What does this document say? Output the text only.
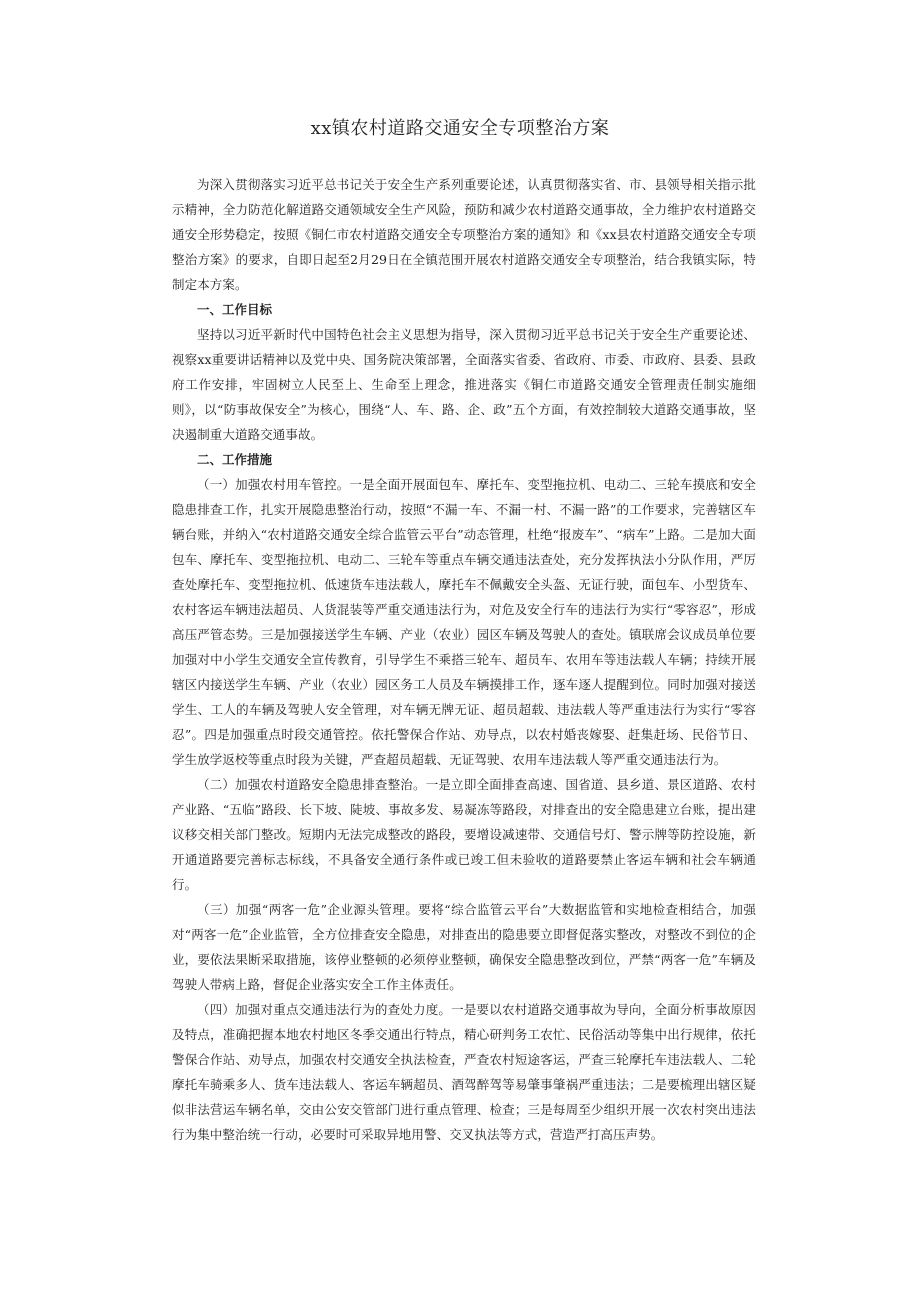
xx镇农村道路交通安全专项整治方案

为深入贯彻落实习近平总书记关于安全生产系列重要论述，认真贯彻落实省、市、县领导相关指示批示精神，全力防范化解道路交通领域安全生产风险，预防和减少农村道路交通事故，全力维护农村道路交通安全形势稳定，按照《铜仁市农村道路交通安全专项整治方案的通知》和《xx县农村道路交通安全专项整治方案》的要求，自即日起至2月29日在全镇范围开展农村道路交通安全专项整治，结合我镇实际，特制定本方案。

一、工作目标

坚持以习近平新时代中国特色社会主义思想为指导，深入贯彻习近平总书记关于安全生产重要论述、视察xx重要讲话精神以及党中央、国务院决策部署，全面落实省委、省政府、市委、市政府、县委、县政府工作安排，牢固树立人民至上、生命至上理念，推进落实《铜仁市道路交通安全管理责任制实施细则》，以“防事故保安全”为核心，围绕“人、车、路、企、政”五个方面，有效控制较大道路交通事故，坚决遏制重大道路交通事故。

二、工作措施

（一）加强农村用车管控。一是全面开展面包车、摩托车、变型拖拉机、电动二、三轮车摸底和安全隐患排查工作，扎实开展隐患整治行动，按照“不漏一车、不漏一村、不漏一路”的工作要求，完善辖区车辆台账，并纳入“农村道路交通安全综合监管云平台”动态管理，杜绝“报废车”、“病车”上路。二是加大面包车、摩托车、变型拖拉机、电动二、三轮车等重点车辆交通违法查处，充分发挥执法小分队作用，严厉查处摩托车、变型拖拉机、低速货车违法载人，摩托车不佩戴安全头盔、无证行驶，面包车、小型货车、农村客运车辆违法超员、人货混装等严重交通违法行为，对危及安全行车的违法行为实行“零容忍”，形成高压严管态势。三是加强接送学生车辆、产业（农业）园区车辆及驾驶人的查处。镇联席会议成员单位要加强对中小学生交通安全宣传教育，引导学生不乘搭三轮车、超员车、农用车等违法载人车辆；持续开展辖区内接送学生车辆、产业（农业）园区务工人员及车辆摸排工作，逐车逐人提醒到位。同时加强对接送学生、工人的车辆及驾驶人安全管理，对车辆无牌无证、超员超载、违法载人等严重违法行为实行“零容忍”。四是加强重点时段交通管控。依托警保合作站、劝导点，以农村婚丧嫁娶、赶集赶场、民俗节日、学生放学返校等重点时段为关键，严查超员超载、无证驾驶、农用车违法载人等严重交通违法行为。

（二）加强农村道路安全隐患排查整治。一是立即全面排查高速、国省道、县乡道、景区道路、农村产业路、“五临”路段、长下坡、陡坡、事故多发、易凝冻等路段，对排查出的安全隐患建立台账，提出建议移交相关部门整改。短期内无法完成整改的路段，要增设减速带、交通信号灯、警示牌等防控设施，新开通道路要完善标志标线，不具备安全通行条件或已竣工但未验收的道路要禁止客运车辆和社会车辆通行。

（三）加强“两客一危”企业源头管理。要将“综合监管云平台”大数据监管和实地检查相结合，加强对“两客一危”企业监管，全方位排查安全隐患，对排查出的隐患要立即督促落实整改，对整改不到位的企业，要依法果断采取措施，该停业整顿的必须停业整顿，确保安全隐患整改到位，严禁“两客一危”车辆及驾驶人带病上路，督促企业落实安全工作主体责任。

（四）加强对重点交通违法行为的查处力度。一是要以农村道路交通事故为导向，全面分析事故原因及特点，准确把握本地农村地区冬季交通出行特点，精心研判务工农忙、民俗活动等集中出行规律，依托警保合作站、劝导点，加强农村交通安全执法检查，严查农村短途客运，严查三轮摩托车违法载人、二轮摩托车骑乘多人、货车违法载人、客运车辆超员、酒驾醉驾等易肇事肇祸严重违法；二是要梳理出辖区疑似非法营运车辆名单，交由公安交管部门进行重点管理、检查；三是每周至少组织开展一次农村突出违法行为集中整治统一行动，必要时可采取异地用警、交叉执法等方式，营造严打高压声势。
